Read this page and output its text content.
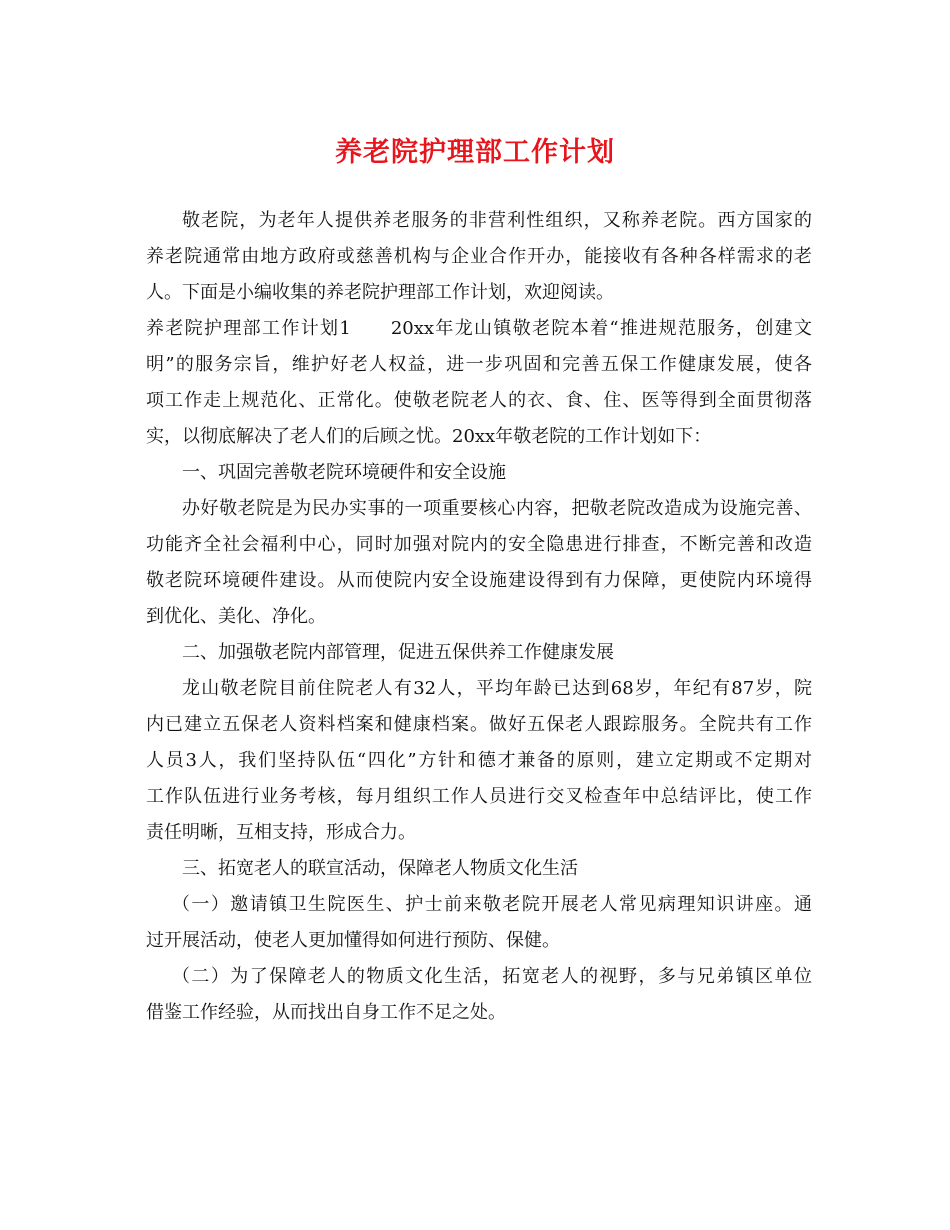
养老院护理部工作计划
敬老院，为老年人提供养老服务的非营利性组织，又称养老院。西方国家的
养老院通常由地方政府或慈善机构与企业合作开办，能接收有各种各样需求的老
人。下面是小编收集的养老院护理部工作计划，欢迎阅读。
养老院护理部工作计划1　　20xx年龙山镇敬老院本着“推进规范服务，创建文
明”的服务宗旨，维护好老人权益，进一步巩固和完善五保工作健康发展，使各
项工作走上规范化、正常化。使敬老院老人的衣、食、住、医等得到全面贯彻落
实，以彻底解决了老人们的后顾之忧。20xx年敬老院的工作计划如下：
一、巩固完善敬老院环境硬件和安全设施
办好敬老院是为民办实事的一项重要核心内容，把敬老院改造成为设施完善、
功能齐全社会福利中心，同时加强对院内的安全隐患进行排查，不断完善和改造
敬老院环境硬件建设。从而使院内安全设施建设得到有力保障，更使院内环境得
到优化、美化、净化。
二、加强敬老院内部管理，促进五保供养工作健康发展
龙山敬老院目前住院老人有32人，平均年龄已达到68岁，年纪有87岁，院
内已建立五保老人资料档案和健康档案。做好五保老人跟踪服务。全院共有工作
人员3人，我们坚持队伍“四化”方针和德才兼备的原则，建立定期或不定期对
工作队伍进行业务考核，每月组织工作人员进行交叉检查年中总结评比，使工作
责任明晰，互相支持，形成合力。
三、拓宽老人的联宣活动，保障老人物质文化生活
（一）邀请镇卫生院医生、护士前来敬老院开展老人常见病理知识讲座。通
过开展活动，使老人更加懂得如何进行预防、保健。
（二）为了保障老人的物质文化生活，拓宽老人的视野，多与兄弟镇区单位
借鉴工作经验，从而找出自身工作不足之处。
